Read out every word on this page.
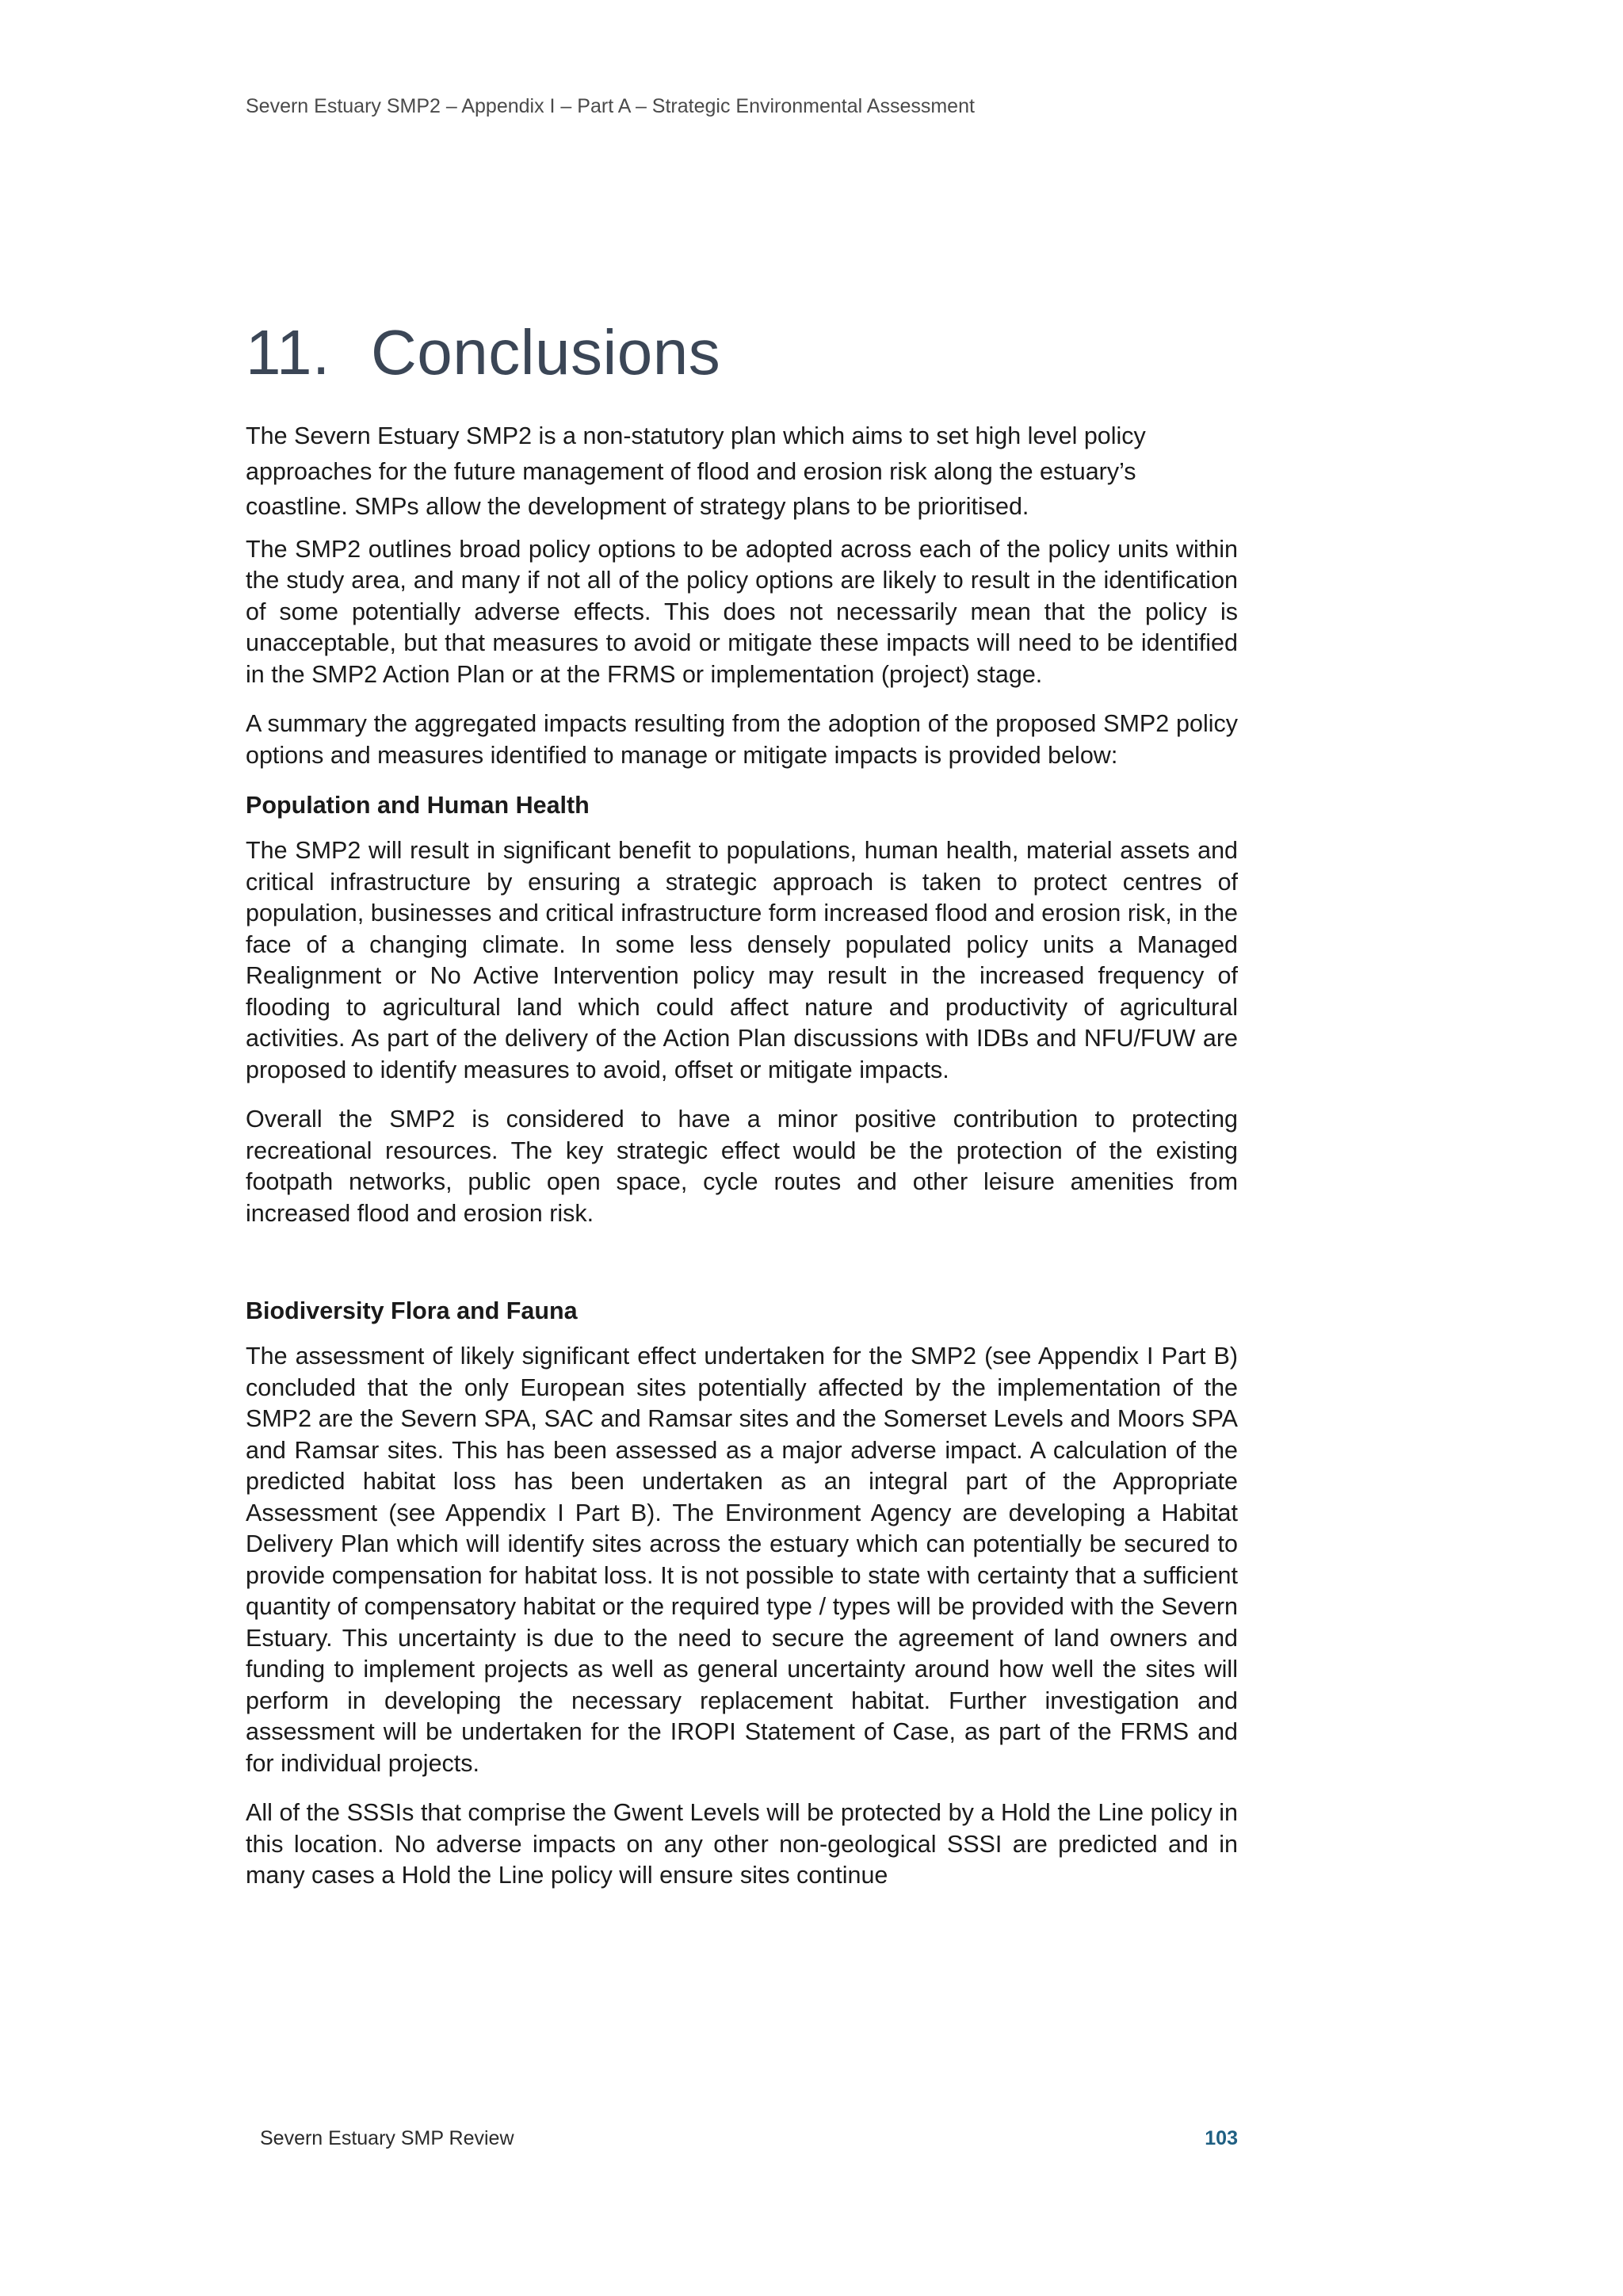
Severn Estuary SMP2 – Appendix I – Part A – Strategic Environmental Assessment
11. Conclusions

The Severn Estuary SMP2 is a non-statutory plan which aims to set high level policy approaches for the future management of flood and erosion risk along the estuary’s coastline. SMPs allow the development of strategy plans to be prioritised.

The SMP2 outlines broad policy options to be adopted across each of the policy units within the study area, and many if not all of the policy options are likely to result in the identification of some potentially adverse effects. This does not necessarily mean that the policy is unacceptable, but that measures to avoid or mitigate these impacts will need to be identified in the SMP2 Action Plan or at the FRMS or implementation (project) stage.

A summary the aggregated impacts resulting from the adoption of the proposed SMP2 policy options and measures identified to manage or mitigate impacts is provided below:

Population and Human Health

The SMP2 will result in significant benefit to populations, human health, material assets and critical infrastructure by ensuring a strategic approach is taken to protect centres of population, businesses and critical infrastructure form increased flood and erosion risk, in the face of a changing climate. In some less densely populated policy units a Managed Realignment or No Active Intervention policy may result in the increased frequency of flooding to agricultural land which could affect nature and productivity of agricultural activities. As part of the delivery of the Action Plan discussions with IDBs and NFU/FUW are proposed to identify measures to avoid, offset or mitigate impacts.

Overall the SMP2 is considered to have a minor positive contribution to protecting recreational resources. The key strategic effect would be the protection of the existing footpath networks, public open space, cycle routes and other leisure amenities from increased flood and erosion risk.

Biodiversity Flora and Fauna

The assessment of likely significant effect undertaken for the SMP2 (see Appendix I Part B) concluded that the only European sites potentially affected by the implementation of the SMP2 are the Severn SPA, SAC and Ramsar sites and the Somerset Levels and Moors SPA and Ramsar sites. This has been assessed as a major adverse impact. A calculation of the predicted habitat loss has been undertaken as an integral part of the Appropriate Assessment (see Appendix I Part B). The Environment Agency are developing a Habitat Delivery Plan which will identify sites across the estuary which can potentially be secured to provide compensation for habitat loss. It is not possible to state with certainty that a sufficient quantity of compensatory habitat or the required type / types will be provided with the Severn Estuary. This uncertainty is due to the need to secure the agreement of land owners and funding to implement projects as well as general uncertainty around how well the sites will perform in developing the necessary replacement habitat. Further investigation and assessment will be undertaken for the IROPI Statement of Case, as part of the FRMS and for individual projects.

All of the SSSIs that comprise the Gwent Levels will be protected by a Hold the Line policy in this location. No adverse impacts on any other non-geological SSSI are predicted and in many cases a Hold the Line policy will ensure sites continue

Severn Estuary SMP Review	103
